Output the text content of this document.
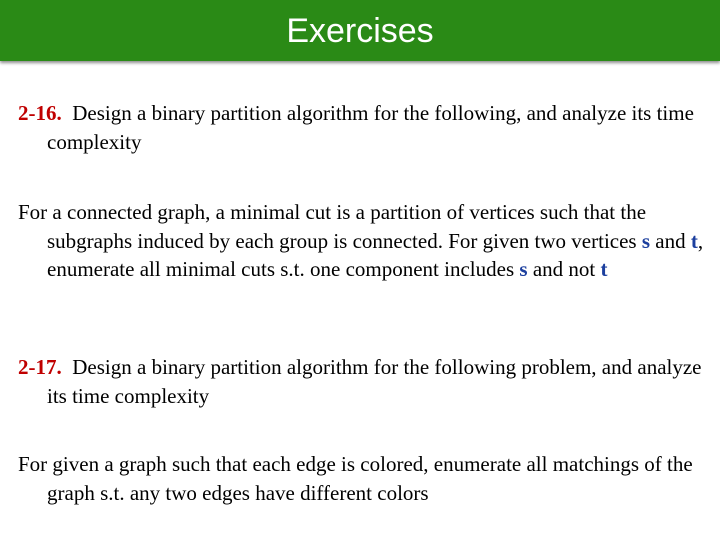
Exercises
2-16. Design a binary partition algorithm for the following, and analyze its time complexity
For a connected graph, a minimal cut is a partition of vertices such that the subgraphs induced by each group is connected. For given two vertices s and t, enumerate all minimal cuts s.t. one component includes s and not t
2-17. Design a binary partition algorithm for the following problem, and analyze its time complexity
For given a graph such that each edge is colored, enumerate all matchings of the graph s.t. any two edges have different colors
